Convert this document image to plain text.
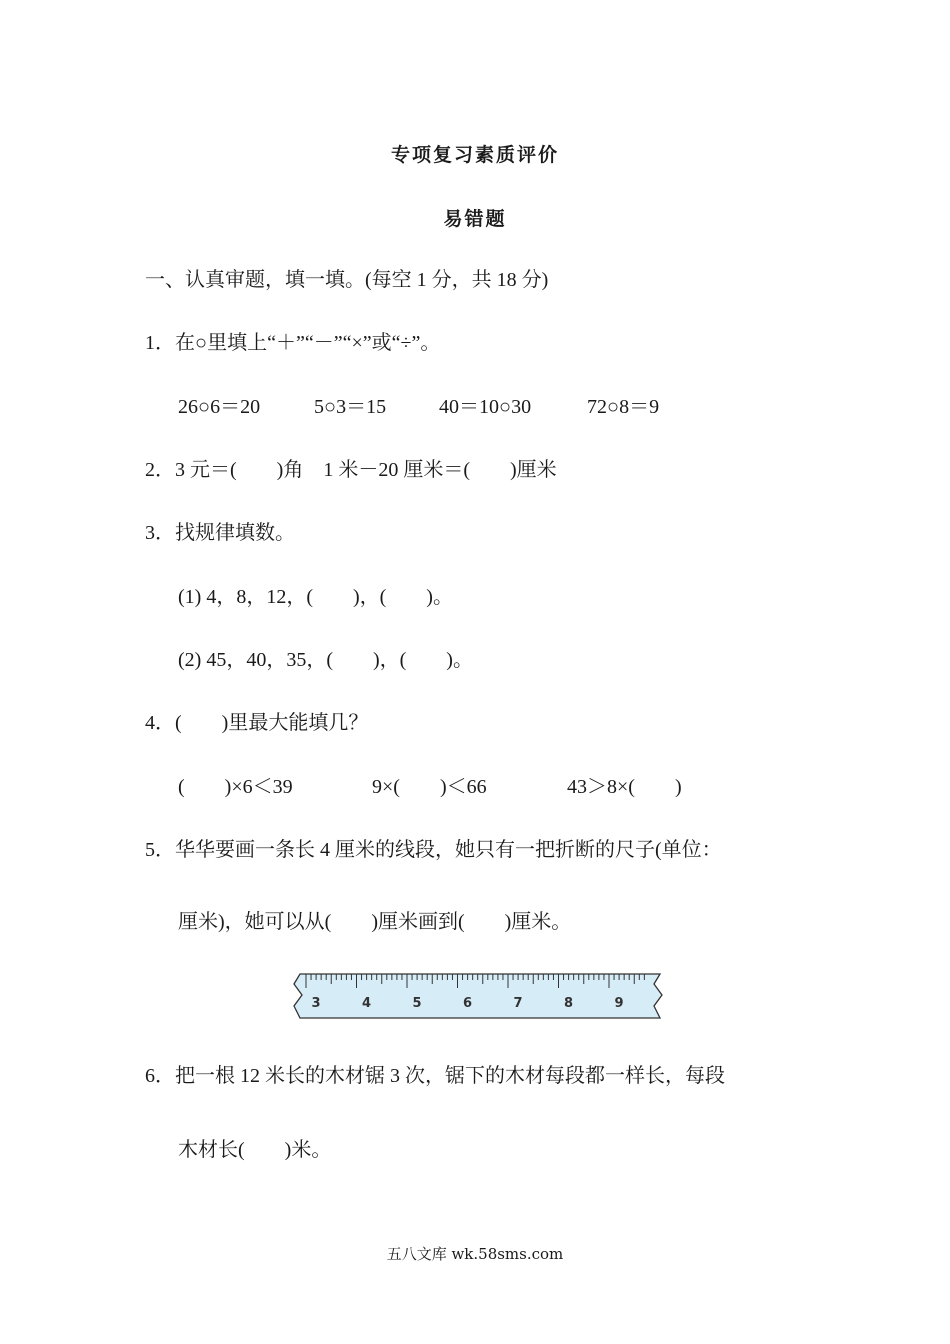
专项复习素质评价
易错题
一、认真审题，填一填。(每空 1 分，共 18 分)
1．在○里填上“＋”“－”“×”或“÷”。
26○6＝20	5○3＝15	40＝10○30	72○8＝9
2．3 元＝(　　)角　1 米－20 厘米＝(　　)厘米
3．找规律填数。
(1) 4，8，12，(　　)，(　　)。
(2) 45，40，35，(　　)，(　　)。
4．(　　)里最大能填几？
(　　)×6＜39	9×(　　)＜66	43＞8×(　　)
5．华华要画一条长 4 厘米的线段，她只有一把折断的尺子(单位：
厘米)，她可以从(　　)厘米画到(　　)厘米。
3	4	5	6	7	8	9
6．把一根 12 米长的木材锯 3 次，锯下的木材每段都一样长，每段
木材长(　　)米。
五八文库 wk.58sms.com
